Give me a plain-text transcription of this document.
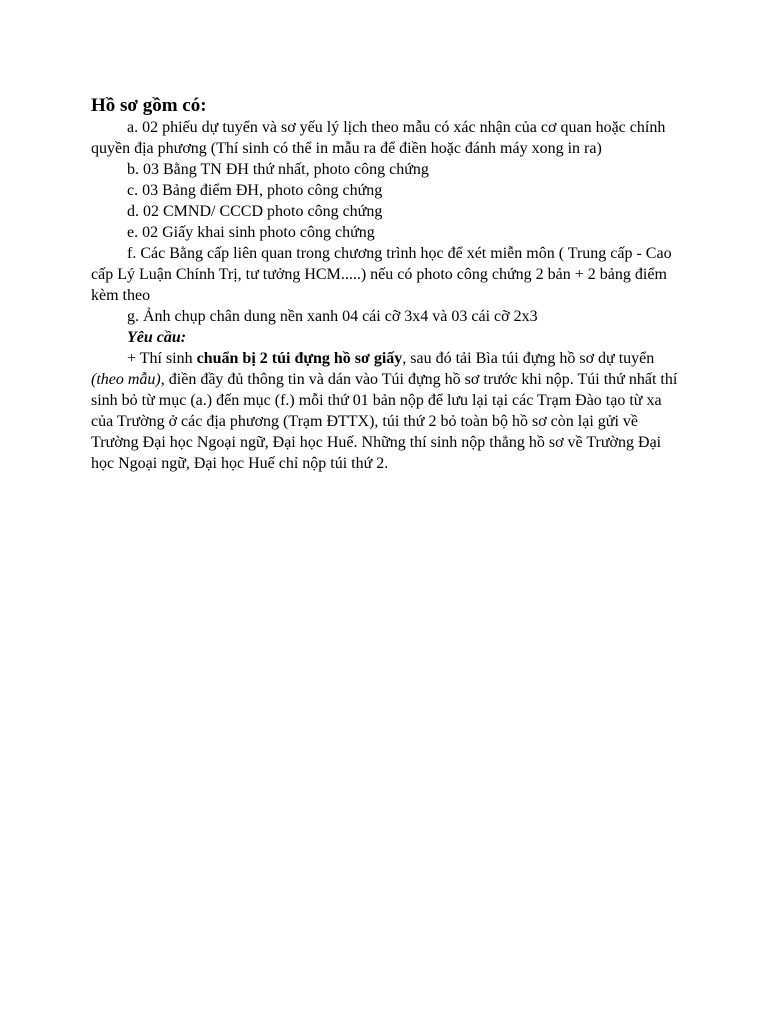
Hồ sơ gồm có:

a. 02 phiếu dự tuyển và sơ yếu lý lịch theo mẫu có xác nhận của cơ quan hoặc chính quyền địa phương (Thí sinh có thể in mẫu ra để điền hoặc đánh máy xong in ra)

b. 03 Bằng TN ĐH thứ nhất, photo công chứng

c. 03 Bảng điểm ĐH, photo công chứng

d. 02 CMND/ CCCD photo công chứng

e. 02 Giấy khai sinh photo công chứng

f. Các Bằng cấp liên quan trong chương trình học để xét miễn môn ( Trung cấp - Cao cấp Lý Luận Chính Trị, tư tưởng HCM.....) nếu có photo công chứng 2 bản + 2 bảng điểm kèm theo

g. Ảnh chụp chân dung nền xanh 04 cái cỡ 3x4 và 03 cái cỡ 2x3

Yêu cầu:

+ Thí sinh chuẩn bị 2 túi đựng hồ sơ giấy, sau đó tải Bìa túi đựng hồ sơ dự tuyển (theo mẫu), điền đầy đủ thông tin và dán vào Túi đựng hồ sơ trước khi nộp. Túi thứ nhất thí sinh bỏ từ mục (a.) đến mục (f.) mỗi thứ 01 bản nộp để lưu lại tại các Trạm Đào tạo từ xa của Trường ở các địa phương (Trạm ĐTTX), túi thứ 2 bỏ toàn bộ hồ sơ còn lại gửi về Trường Đại học Ngoại ngữ, Đại học Huế. Những thí sinh nộp thẳng hồ sơ về Trường Đại học Ngoại ngữ, Đại học Huế chỉ nộp túi thứ 2.
